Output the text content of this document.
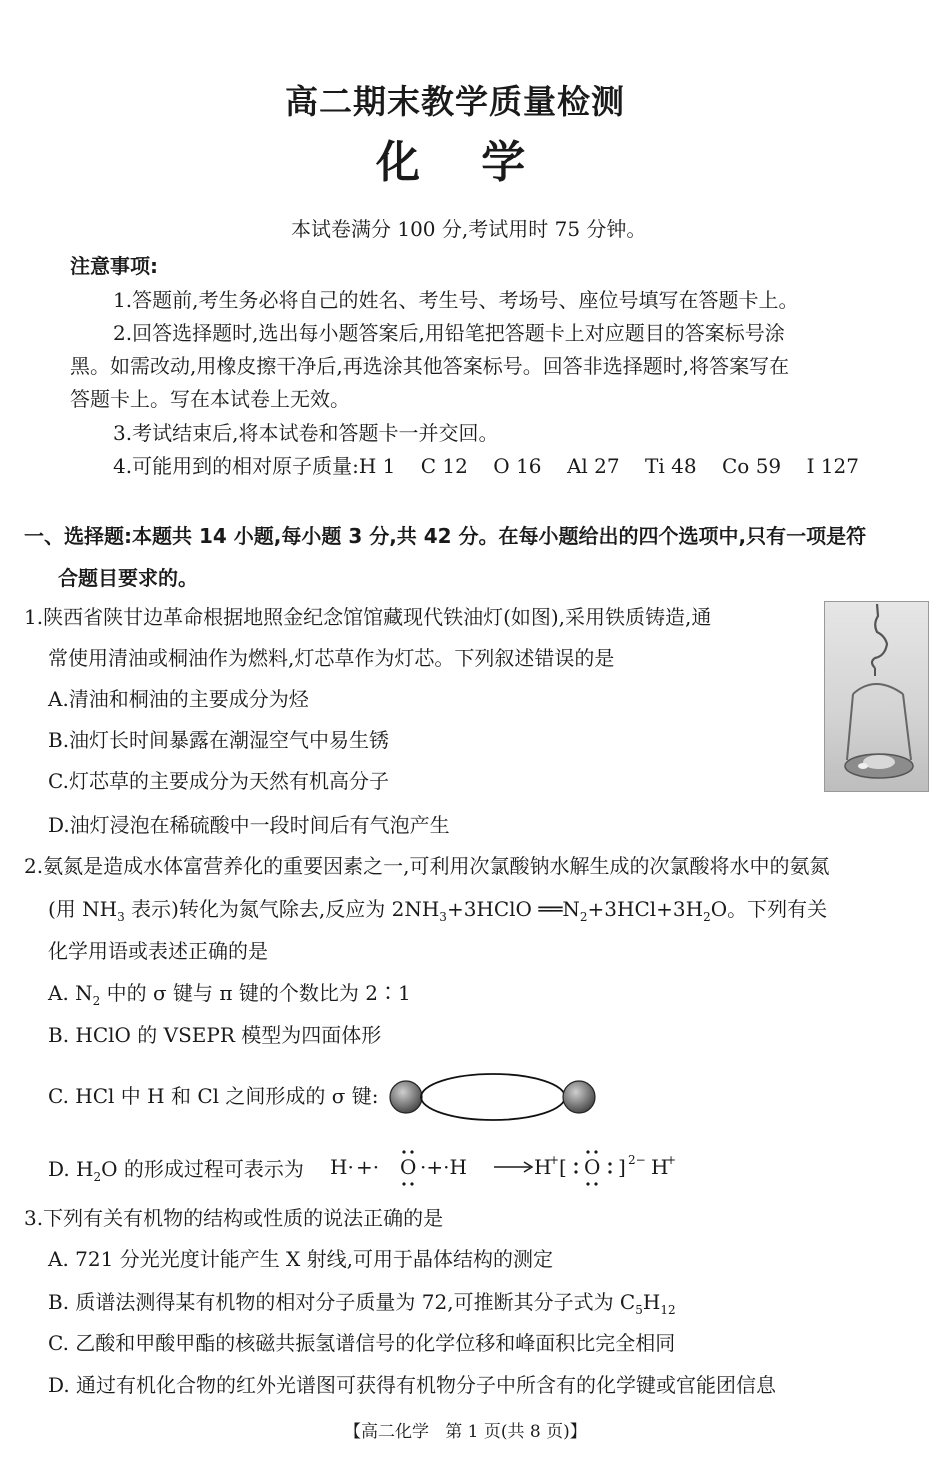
高二期末教学质量检测
化    学
本试卷满分 100 分,考试用时 75 分钟。
注意事项:
1.答题前,考生务必将自己的姓名、考生号、考场号、座位号填写在答题卡上。
2.回答选择题时,选出每小题答案后,用铅笔把答题卡上对应题目的答案标号涂
黑。如需改动,用橡皮擦干净后,再选涂其他答案标号。回答非选择题时,将答案写在
答题卡上。写在本试卷上无效。
3.考试结束后,将本试卷和答题卡一并交回。
4.可能用到的相对原子质量:H 1    C 12    O 16    Al 27    Ti 48    Co 59    I 127
一、选择题:本题共 14 小题,每小题 3 分,共 42 分。在每小题给出的四个选项中,只有一项是符
合题目要求的。
1.陕西省陕甘边革命根据地照金纪念馆馆藏现代铁油灯(如图),采用铁质铸造,通
常使用清油或桐油作为燃料,灯芯草作为灯芯。下列叙述错误的是
A.清油和桐油的主要成分为烃
B.油灯长时间暴露在潮湿空气中易生锈
C.灯芯草的主要成分为天然有机高分子
D.油灯浸泡在稀硫酸中一段时间后有气泡产生
2.氨氮是造成水体富营养化的重要因素之一,可利用次氯酸钠水解生成的次氯酸将水中的氨氮
(用 $NH_3$ 表示)转化为氮气除去,反应为 $2NH_3+3HClO$ $══N_2+3HCl+3H_2O$。下列有关
化学用语或表述正确的是
A. $N_2$ 中的 σ 键与 π 键的个数比为 2∶1
B. HClO 的 VSEPR 模型为四面体形
C. HCl 中 H 和 Cl 之间形成的 σ 键:
D. $H_2O$ 的形成过程可表示为 H· +· O ·+·H	H
+ [ O ] 2− H
+
3.下列有关有机物的结构或性质的说法正确的是
A. 721 分光光度计能产生 X 射线,可用于晶体结构的测定
B. 质谱法测得某有机物的相对分子质量为 72,可推断其分子式为 $C_5H_{12}$
C. 乙酸和甲酸甲酯的核磁共振氢谱信号的化学位移和峰面积比完全相同
D. 通过有机化合物的红外光谱图可获得有机物分子中所含有的化学键或官能团信息
【高二化学   第 1 页(共 8 页)】
